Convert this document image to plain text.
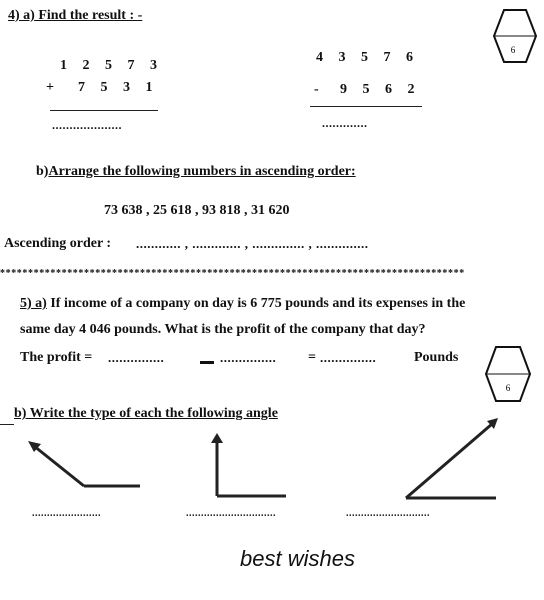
4) a) Find the result : -
6
1 2 5 7 3
+ 7 5 3 1
....................
4 3 5 7 6
- 9 5 6 2
.............
b)Arrange the following numbers in ascending order:
73 638 , 25 618 , 93 818 , 31 620
Ascending order : ............ , ............. , .............. , ..............
***********************************************************************************
5) a) If income of a company on day is 6 775 pounds and its expenses in the
same day 4 046 pounds. What is the profit of the company that day?
The profit = ...............	............... = ...............	Pounds
6
b) Write the type of each the following angle
.......................	..............................	............................
best wishes
